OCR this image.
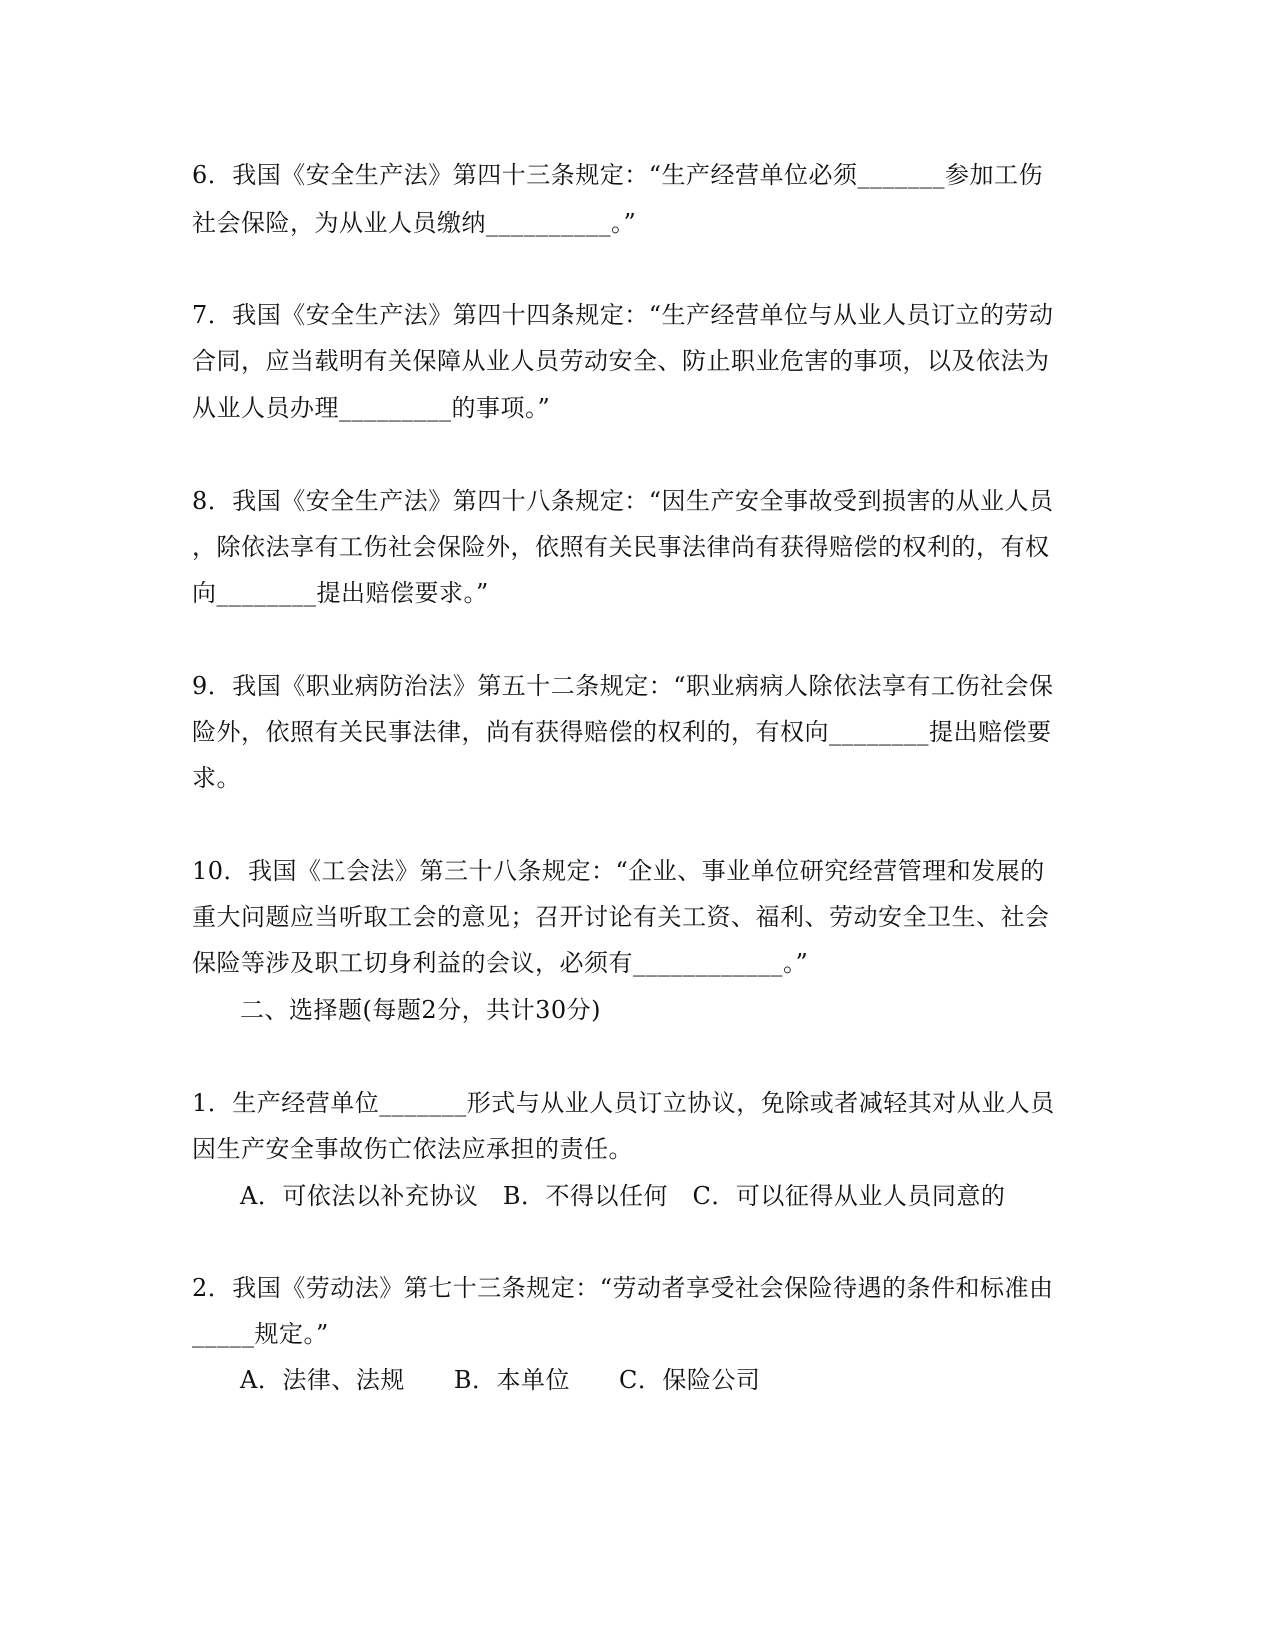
6．我国《安全生产法》第四十三条规定：“生产经营单位必须_______参加工伤
社会保险，为从业人员缴纳__________。”
7．我国《安全生产法》第四十四条规定：“生产经营单位与从业人员订立的劳动
合同，应当载明有关保障从业人员劳动安全、防止职业危害的事项，以及依法为
从业人员办理_________的事项。”
8．我国《安全生产法》第四十八条规定：“因生产安全事故受到损害的从业人员
，除依法享有工伤社会保险外，依照有关民事法律尚有获得赔偿的权利的，有权
向________提出赔偿要求。”
9．我国《职业病防治法》第五十二条规定：“职业病病人除依法享有工伤社会保
险外，依照有关民事法律，尚有获得赔偿的权利的，有权向________提出赔偿要
求。
10．我国《工会法》第三十八条规定：“企业、事业单位研究经营管理和发展的
重大问题应当听取工会的意见；召开讨论有关工资、福利、劳动安全卫生、社会
保险等涉及职工切身利益的会议，必须有____________。”
二、选择题(每题2分，共计30分)
1．生产经营单位_______形式与从业人员订立协议，免除或者减轻其对从业人员
因生产安全事故伤亡依法应承担的责任。
A．可依法以补充协议　B．不得以任何　C．可以征得从业人员同意的
2．我国《劳动法》第七十三条规定：“劳动者享受社会保险待遇的条件和标准由
_____规定。”
A．法律、法规　　B．本单位　　C．保险公司
